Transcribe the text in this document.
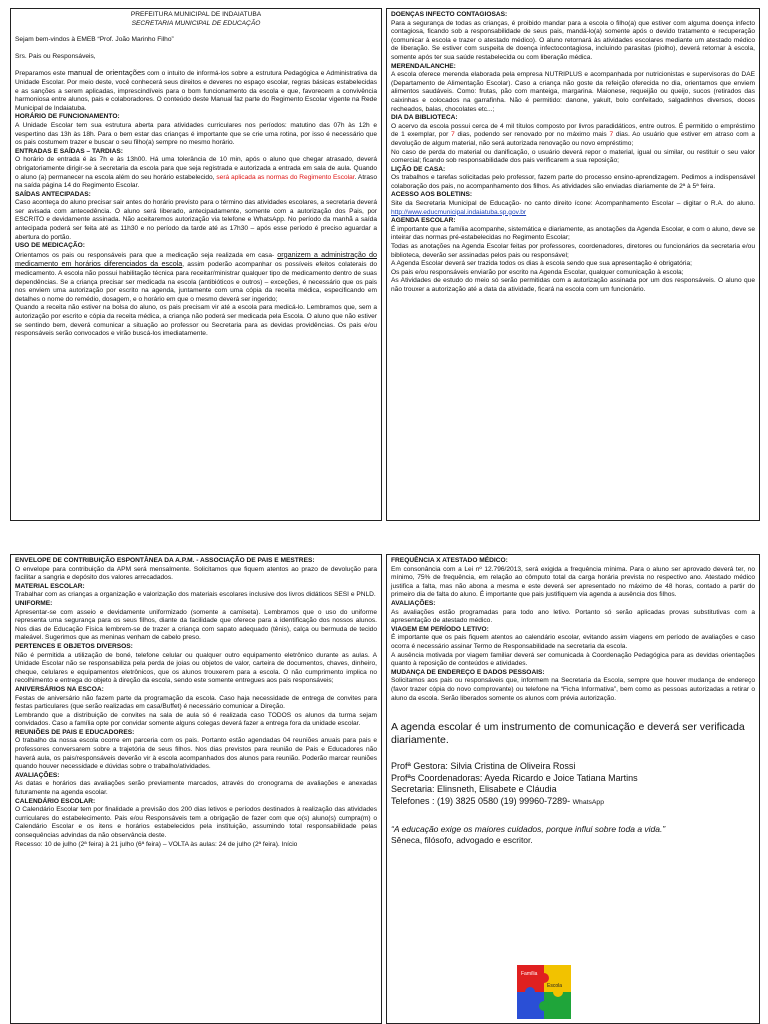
PREFEITURA MUNICIPAL DE INDAIATUBA

SECRETARIA MUNICIPAL DE EDUCAÇÃO

Sejam bem-vindos à EMEB “Prof. João Marinho Filho”

Srs. Pais ou Responsáveis,

Preparamos este manual de orientações com o intuito de informá-los sobre a estrutura Pedagógica e Administrativa da Unidade Escolar. Por meio deste, você conhecerá seus direitos e deveres no espaço escolar, regras básicas estabelecidas e as sanções a serem aplicadas, imprescindíveis para o bom funcionamento da escola e que, favorecem a convivência harmoniosa entre alunos, pais e colaboradores. O conteúdo deste Manual faz parte do Regimento Escolar vigente na Rede Municipal de Indaiatuba.

HORÁRIO DE FUNCIONAMENTO:

A Unidade Escolar tem sua estrutura aberta para atividades curriculares nos períodos: matutino das 07h às 12h e vespertino das 13h às 18h. Para o bem estar das crianças é importante que se crie uma rotina, por isso é necessário que os pais costumem trazer e buscar o seu filho(a) sempre no mesmo horário.

ENTRADAS E SAÍDAS – TARDIAS:

O horário de entrada é às 7h e às 13h00. Há uma tolerância de 10 min, após o aluno que chegar atrasado, deverá obrigatoriamente dirigir-se à secretaria da escola para que seja registrada e autorizada a entrada em sala de aula. Quando o aluno (a) permanecer na escola além do seu horário estabelecido, será aplicada as normas do Regimento Escolar. Atraso na saída página 14 do Regimento Escolar.

SAÍDAS ANTECIPADAS:

Caso aconteça do aluno precisar sair antes do horário previsto para o término das atividades escolares, a secretaria deverá ser avisada com antecedência. O aluno será liberado, antecipadamente, somente com a autorização dos Pais, por ESCRITO e devidamente assinada. Não aceitaremos autorização via telefone e WhatsApp. No período da manhã a saída antecipada poderá ser feita até as 11h30 e no período da tarde até as 17h30 – após esse período é preciso aguardar a abertura do portão.

USO DE MEDICAÇÃO:

Orientamos os pais ou responsáveis para que a medicação seja realizada em casa- organizem a administração do medicamento em horários diferenciados da escola, assim poderão acompanhar os possíveis efeitos colaterais do medicamento. A escola não possui habilitação técnica para receitar/ministrar qualquer tipo de medicamento dentro de suas dependências. Se a criança precisar ser medicada na escola (antibióticos e outros) – exceções, é necessário que os pais nos enviem uma autorização por escrito na agenda, juntamente com uma cópia da receita médica, especificando em detalhes o nome do remédio, dosagem, e o horário em que o mesmo deverá ser ingerido;

Quando a receita não estiver na bolsa do aluno, os pais precisam vir até a escola para medicá-lo. Lembramos que, sem a autorização por escrito e cópia da receita médica, a criança não poderá ser medicada pela Escola. O aluno que não estiver se sentindo bem, deverá comunicar a situação ao professor ou Secretaria para as devidas providências. Os pais e/ou responsáveis serão convocados e virão buscá-los imediatamente.

DOENÇAS INFECTO CONTAGIOSAS:

Para a segurança de todas as crianças, é proibido mandar para a escola o filho(a) que estiver com alguma doença infecto contagiosa, ficando sob a responsabilidade de seus pais, mandá-lo(a) somente após o devido tratamento e recuperação (comunicar à escola e trazer o atestado médico). O aluno retornará às atividades escolares mediante um atestado médico de liberação. Se estiver com suspeita de doença infectocontagiosa, incluindo parasitas (piolho), deverá retornar à escola, somente após ter sua saúde restabelecida ou com liberação médica.

MERENDA/LANCHE:

A escola oferece merenda elaborada pela empresa NUTRIPLUS e acompanhada por nutricionistas e supervisoras do DAE (Departamento de Alimentação Escolar). Caso a criança não goste da refeição oferecida no dia, orientamos que enviem alimentos saudáveis. Como: frutas, pão com manteiga, margarina. Maionese, requeijão ou queijo, sucos (retirados das caixinhas e colocados na garrafinha. Não é permitido: danone, yakult, bolo confeitado, salgadinhos diversos, doces recheados, balas, chocolates etc...;

DIA DA BIBLIOTECA:

O acervo da escola possui cerca de 4 mil títulos composto por livros paradidáticos, entre outros. É permitido o empréstimo de 1 exemplar, por 7 dias, podendo ser renovado por no máximo mais 7 dias. Ao usuário que estiver em atraso com a devolução de algum material, não será autorizada renovação ou novo empréstimo;

No caso de perda do material ou danificação, o usuário deverá repor o material, igual ou similar, ou restituir o seu valor comercial; ficando sob responsabilidade dos pais verificarem a sua reposição;

LIÇÃO DE CASA:

Os trabalhos e tarefas solicitadas pelo professor, fazem parte do processo ensino-aprendizagem. Pedimos a indispensável colaboração dos pais, no acompanhamento dos filhos. As atividades são enviadas diariamente de 2ª à 5ª feira.

ACESSO AOS BOLETINS:

Site da Secretaria Municipal de Educação- no canto direito ícone: Acompanhamento Escolar – digitar o R.A. do aluno. http://www.educmunicipal.indaiatuba.sp.gov.br

AGENDA ESCOLAR:

É importante que a família acompanhe, sistemática e diariamente, as anotações da Agenda Escolar, e com o aluno, deve se inteirar das normas pré-estabelecidas no Regimento Escolar;

Todas as anotações na Agenda Escolar feitas por professores, coordenadores, diretores ou funcionários da secretaria e/ou biblioteca, deverão ser assinadas pelos pais ou responsável;

A Agenda Escolar deverá ser trazida todos os dias à escola sendo que sua apresentação é obrigatória;

Os pais e/ou responsáveis enviarão por escrito na Agenda Escolar, qualquer comunicação à escola;

As Atividades de estudo do meio só serão permitidas com a autorização assinada por um dos responsáveis. O aluno que não trouxer a autorização até a data da atividade, ficará na escola com um funcionário.

ENVELOPE DE CONTRIBUIÇÃO ESPONTÂNEA DA A.P.M. - ASSOCIAÇÃO DE PAIS E MESTRES:

O envelope para contribuição da APM será mensalmente. Solicitamos que fiquem atentos ao prazo de devolução para facilitar a sangria e depósito dos valores arrecadados.

MATERIAL ESCOLAR:

Trabalhar com as crianças a organização e valorização dos materiais escolares inclusive dos livros didáticos SESI e PNLD.

UNIFORME:

Apresentar-se com asseio e devidamente uniformizado (somente a camiseta). Lembramos que o uso do uniforme representa uma segurança para os seus filhos, diante da facilidade que oferece para a identificação dos nossos alunos. Nos dias de Educação Física lembrem-se de trazer a criança com sapato adequado (tênis), calça ou bermuda de tecido maleável. Sugerimos que as meninas venham de cabelo preso.

PERTENCES E OBJETOS DIVERSOS:

Não é permitida a utilização de boné, telefone celular ou qualquer outro equipamento eletrônico durante as aulas. A Unidade Escolar não se responsabiliza pela perda de joias ou objetos de valor, carteira de documentos, chaves, dinheiro, cheque, celulares e equipamentos eletrônicos, que os alunos trouxerem para a escola. O não cumprimento implica no recolhimento e entrega do objeto à direção da escola, sendo este somente entregues aos pais responsáveis;

ANIVERSÁRIOS NA ESCOA:

Festas de aniversário não fazem parte da programação da escola. Caso haja necessidade de entrega de convites para festas particulares (que serão realizadas em casa/Buffet) é necessário comunicar a Direção.

Lembrando que a distribuição de convites na sala de aula só é realizada caso TODOS os alunos da turma sejam convidados. Caso a família opte por convidar somente alguns colegas deverá fazer a entrega fora da unidade escolar.

REUNIÕES DE PAIS E EDUCADORES:

O trabalho da nossa escola ocorre em parceria com os pais. Portanto estão agendadas 04 reuniões anuais para pais e professores conversarem sobre a trajetória de seus filhos. Nos dias previstos para reunião de Pais e Educadores não haverá aula, os pais/responsáveis deverão vir à escola acompanhados dos alunos para reunião. Poderão marcar reuniões quando houver necessidade e dúvidas sobre o trabalho/atividades.

AVALIAÇÕES:

As datas e horários das avaliações serão previamente marcados, através do cronograma de avaliações e anexadas futuramente na agenda escolar.

CALENDÁRIO ESCOLAR:

O Calendário Escolar tem por finalidade a previsão dos 200 dias letivos e períodos destinados à realização das atividades curriculares do estabelecimento. Pais e/ou Responsáveis tem a obrigação de fazer com que o(s) aluno(s) cumpra(m) o Calendário Escolar e os itens e horários estabelecidos pela instituição, assumindo total responsabilidade pelas consequências advindas da não observância deste.

Recesso: 10 de julho (2ª feira) à 21 julho (6ª feira) – VOLTA às aulas: 24 de julho (2ª feira). Início

FREQUÊNCIA X ATESTADO MÉDICO:

Em consonância com a Lei nº 12.796/2013, será exigida a frequência mínima. Para o aluno ser aprovado deverá ter, no mínimo, 75% de frequência, em relação ao cômputo total da carga horária prevista no respectivo ano. Atestado médico justifica a falta, mas não abona a mesma e este deverá ser apresentado no máximo de 48 horas, contado a partir do primeiro dia de falta do aluno. É importante que pais justifiquem via agenda a ausência dos filhos.

AVALIAÇÕES:

As avaliações estão programadas para todo ano letivo. Portanto só serão aplicadas provas substitutivas com a apresentação de atestado médico.

VIAGEM EM PERÍODO LETIVO:

É importante que os pais fiquem atentos ao calendário escolar, evitando assim viagens em período de avaliações e caso ocorra é necessário assinar Termo de Responsabilidade na secretaria da escola.

A ausência motivada por viagem familiar deverá ser comunicada à Coordenação Pedagógica para as devidas orientações quanto à reposição de conteúdos e atividades.

MUDANÇA DE ENDEREÇO E DADOS PESSOAIS:

Solicitamos aos pais ou responsáveis que, informem na Secretaria da Escola, sempre que houver mudança de endereço (favor trazer cópia do novo comprovante) ou telefone na “Ficha Informativa”, bem como as pessoas autorizadas a retirar o aluno da escola. Serão liberados somente os alunos com prévia autorização.

A agenda escolar é um instrumento de comunicação e deverá ser verificada diariamente.

Profª Gestora: Silvia Cristina de Oliveira Rossi

Profªs Coordenadoras: Ayeda Ricardo e Joice Tatiana Martins

Secretaria: Elinsneth, Elisabete e Cláudia

Telefones : (19) 3825 0580 (19) 99960-7289- WhatsApp

“A educação exige os maiores cuidados, porque influi sobre toda a vida.”

Sêneca, filósofo, advogado e escritor.

Família
Escola
